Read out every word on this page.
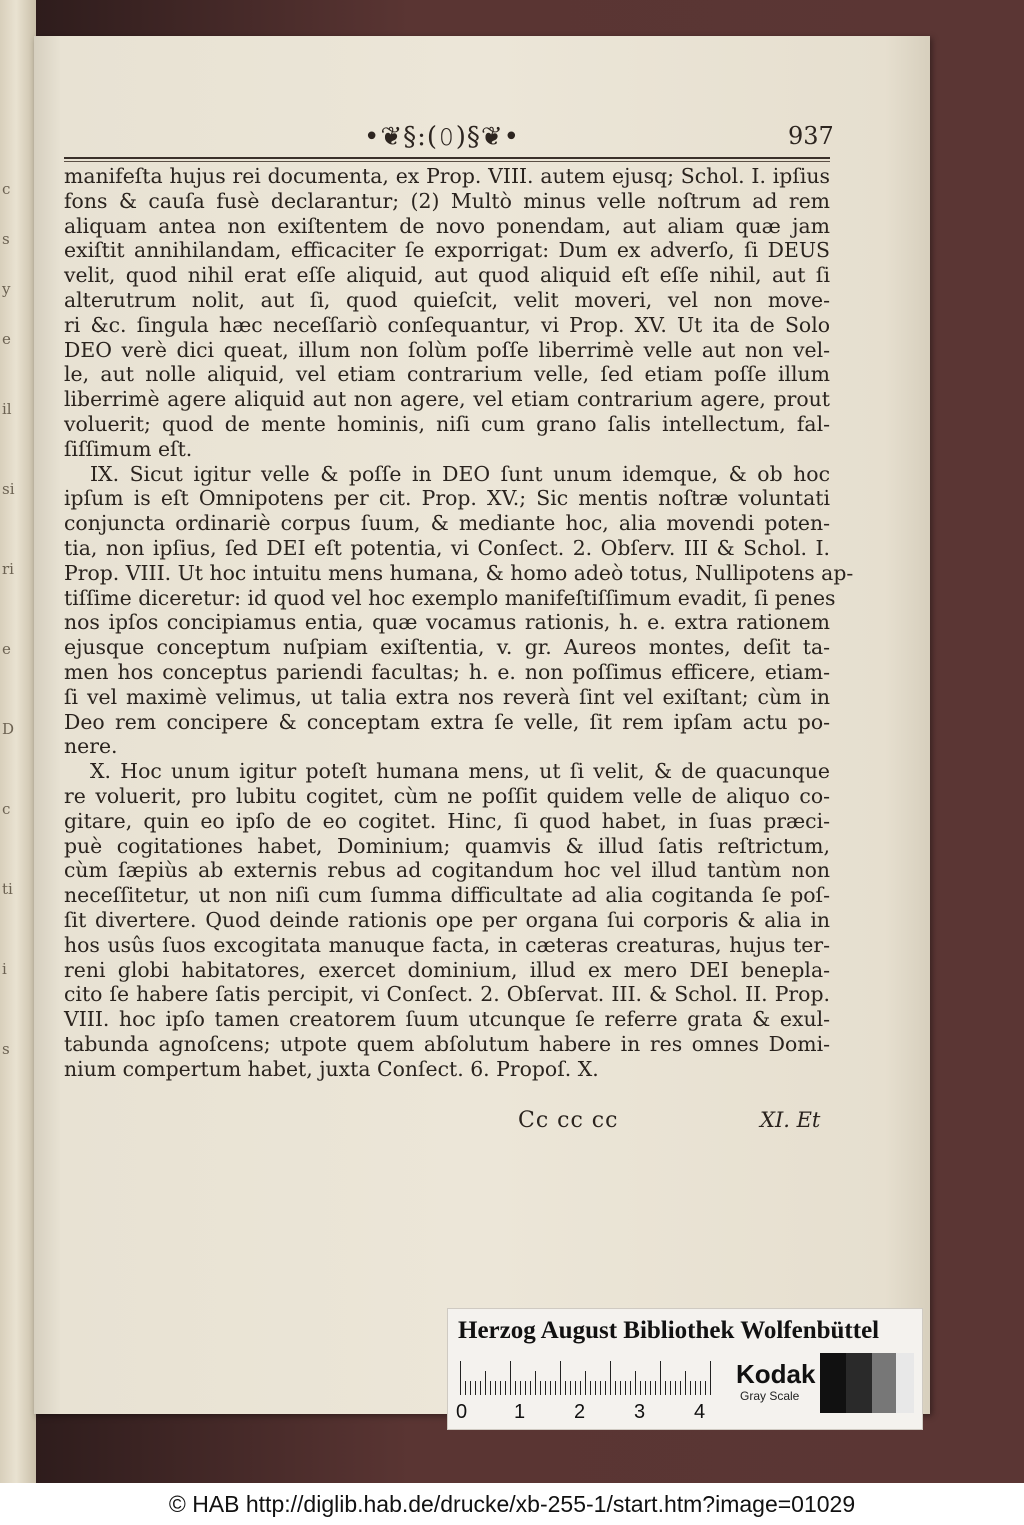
c
s
y
e
il
si
ri
e
D
c
ti
i
s
•❦§:(𝟶)§❦•	937
manifeſta hujus rei documenta, ex Prop. VIII. autem ejusq; Schol. I. ipſius
fons & cauſa fusè declarantur; (2) Multò minus velle noſtrum ad rem
aliquam antea non exiſtentem de novo ponendam, aut aliam quæ jam
exiſtit annihilandam, efficaciter ſe exporrigat: Dum ex adverſo, ſi DEUS
velit, quod nihil erat eſſe aliquid, aut quod aliquid eſt eſſe nihil, aut ſi
alterutrum nolit, aut ſi, quod quieſcit, velit moveri, vel non move-
ri &c. ſingula hæc neceſſariò conſequantur, vi Prop. XV. Ut ita de Solo
DEO verè dici queat, illum non ſolùm poſſe liberrimè velle aut non vel-
le, aut nolle aliquid, vel etiam contrarium velle, ſed etiam poſſe illum
liberrimè agere aliquid aut non agere, vel etiam contrarium agere, prout
voluerit; quod de mente hominis, niſi cum grano ſalis intellectum, fal-
ſiſſimum eſt.
IX. Sicut igitur velle & poſſe in DEO ſunt unum idemque, & ob hoc
ipſum is eſt Omnipotens per cit. Prop. XV.; Sic mentis noſtræ voluntati
conjuncta ordinariè corpus ſuum, & mediante hoc, alia movendi poten-
tia, non ipſius, ſed DEI eſt potentia, vi Conſect. 2. Obſerv. III & Schol. I.
Prop. VIII. Ut hoc intuitu mens humana, & homo adeò totus, Nullipotens ap-
tiſſime diceretur: id quod vel hoc exemplo manifeſtiſſimum evadit, ſi penes
nos ipſos concipiamus entia, quæ vocamus rationis, h. e. extra rationem
ejusque conceptum nuſpiam exiſtentia, v. gr. Aureos montes, deſit ta-
men hos conceptus pariendi facultas; h. e. non poſſimus efficere, etiam-
ſi vel maximè velimus, ut talia extra nos reverà ſint vel exiſtant; cùm in
Deo rem concipere & conceptam extra ſe velle, ſit rem ipſam actu po-
nere.
X. Hoc unum igitur poteſt humana mens, ut ſi velit, & de quacunque
re voluerit, pro lubitu cogitet, cùm ne poſſit quidem velle de aliquo co-
gitare, quin eo ipſo de eo cogitet. Hinc, ſi quod habet, in ſuas præci-
puè cogitationes habet, Dominium; quamvis & illud ſatis reſtrictum,
cùm ſæpiùs ab externis rebus ad cogitandum hoc vel illud tantùm non
neceſſitetur, ut non niſi cum ſumma difficultate ad alia cogitanda ſe poſ-
ſit divertere. Quod deinde rationis ope per organa ſui corporis & alia in
hos usûs ſuos excogitata manuque facta, in cæteras creaturas, hujus ter-
reni globi habitatores, exercet dominium, illud ex mero DEI benepla-
cito ſe habere ſatis percipit, vi Conſect. 2. Obſervat. III. & Schol. II. Prop.
VIII. hoc ipſo tamen creatorem ſuum utcunque ſe referre grata & exul-
tabunda agnoſcens; utpote quem abſolutum habere in res omnes Domi-
nium compertum habet, juxta Conſect. 6. Propoſ. X.
Cc cc cc	XI. Et
Herzog August Bibliothek Wolfenbüttel
0 1 2 3 4
Kodak
Gray Scale
© HAB http://diglib.hab.de/drucke/xb-255-1/start.htm?image=01029
